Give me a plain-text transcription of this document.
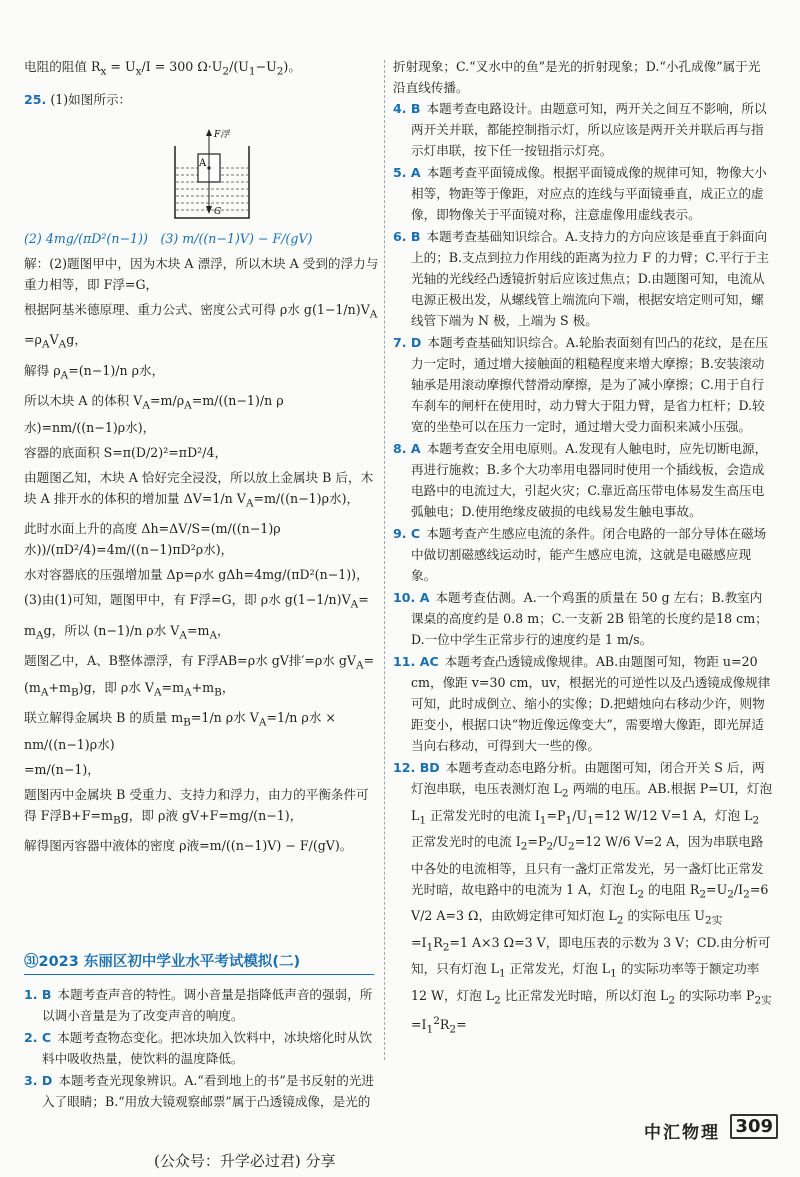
电阻的阻值 $R_x = U_x/I = 300$ $\Omega\cdot U_2/(U_1-U_2)$。

25. (1)如图所示：

(2) 4mg/(πD²(n−1))　(3) m/((n−1)V) − F/(gV)

解：(2)题图甲中，因为木块 A 漂浮，所以木块 A 受到的浮力与重力相等，即 F浮=G，

根据阿基米德原理、重力公式、密度公式可得 ρ水 $g(1-1/n)V_A$

$=\rho_AV_Ag$，

解得 $\rho_A=(n-1)/n$ ρ水，

所以木块 A 的体积 $V_A=m/\rho_A=m/((n-1)/n$ ρ水)=nm/((n−1)ρ水)，

容器的底面积 S=π(D/2)²=πD²/4，

由题图乙知，木块 A 恰好完全浸没，所以放上金属块 B 后，木块 A 排开水的体积的增加量 ΔV=1/n $V_A=m/((n-1)\rho$水)，

此时水面上升的高度 Δh=ΔV/S=(m/((n−1)ρ水))/(πD²/4)=4m/((n−1)πD²ρ水)，

水对容器底的压强增加量 Δp=ρ水 gΔh=4mg/(πD²(n−1))，

(3)由(1)可知，题图甲中，有 F浮=G，即 ρ水 $g(1-1/n)V_A=$

$m_Ag$，所以 (n−1)/n ρ水 $V_A=m_A$，

题图乙中，A、B整体漂浮，有 F浮AB=ρ水 gV排′=ρ水 $gV_A=(m_A+m_B)g$，即 ρ水 $V_A=m_A+m_B$，

联立解得金属块 B 的质量 $m_B=1/n$ ρ水 $V_A=1/n$ ρ水 × nm/((n−1)ρ水)

=m/(n−1)，

题图丙中金属块 B 受重力、支持力和浮力，由力的平衡条件可得 F浮$B+F=m_Bg$，即 ρ液 gV+F=mg/(n−1)，

解得图丙容器中液体的密度 ρ液=m/((n−1)V) − F/(gV)。

A
F浮
G
㉛2023 东丽区初中学业水平考试模拟(二)

1. B 本题考查声音的特性。调小音量是指降低声音的强弱，所以调小音量是为了改变声音的响度。

2. C 本题考查物态变化。把冰块加入饮料中，冰块熔化时从饮料中吸收热量，使饮料的温度降低。

3. D 本题考查光现象辨识。A.“看到地上的书”是书反射的光进入了眼睛；B.“用放大镜观察邮票”属于凸透镜成像，是光的

折射现象；C.“叉水中的鱼”是光的折射现象；D.“小孔成像”属于光沿直线传播。

4. B 本题考查电路设计。由题意可知，两开关之间互不影响，所以两开关并联，都能控制指示灯，所以应该是两开关并联后再与指示灯串联，按下任一按钮指示灯亮。

5. A 本题考查平面镜成像。根据平面镜成像的规律可知，物像大小相等，物距等于像距，对应点的连线与平面镜垂直，成正立的虚像，即物像关于平面镜对称，注意虚像用虚线表示。

6. B 本题考查基础知识综合。A.支持力的方向应该是垂直于斜面向上的；B.支点到拉力作用线的距离为拉力 F 的力臂；C.平行于主光轴的光线经凸透镜折射后应该过焦点；D.由题图可知，电流从电源正极出发，从螺线管上端流向下端，根据安培定则可知，螺线管下端为 N 极，上端为 S 极。

7. D 本题考查基础知识综合。A.轮胎表面刻有凹凸的花纹，是在压力一定时，通过增大接触面的粗糙程度来增大摩擦；B.安装滚动轴承是用滚动摩擦代替滑动摩擦，是为了减小摩擦；C.用于自行车刹车的闸杆在使用时，动力臂大于阻力臂，是省力杠杆；D.较宽的坐垫可以在压力一定时，通过增大受力面积来减小压强。

8. A 本题考查安全用电原则。A.发现有人触电时，应先切断电源，再进行施救；B.多个大功率用电器同时使用一个插线板，会造成电路中的电流过大，引起火灾；C.靠近高压带电体易发生高压电弧触电；D.使用绝缘皮破损的电线易发生触电事故。

9. C 本题考查产生感应电流的条件。闭合电路的一部分导体在磁场中做切割磁感线运动时，能产生感应电流，这就是电磁感应现象。

10. A 本题考查估测。A.一个鸡蛋的质量在 50 g 左右；B.教室内课桌的高度约是 0.8 m；C.一支新 2B 铅笔的长度约是18 cm；D.一位中学生正常步行的速度约是 1 m/s。

11. AC 本题考查凸透镜成像规律。AB.由题图可知，物距 u=20 cm，像距 v=30 cm，uv，根据光的可逆性以及凸透镜成像规律可知，此时成倒立、缩小的实像；D.把蜡烛向右移动少许，则物距变小，根据口诀“物近像远像变大”，需要增大像距，即光屏适当向右移动，可得到大一些的像。

12. BD 本题考查动态电路分析。由题图可知，闭合开关 S 后，两灯泡串联，电压表测灯泡 $L_2$ 两端的电压。AB.根据 P=UI，灯泡 $L_1$ 正常发光时的电流 $I_1=P_1/U_1=12$ W/12 V=1 A，灯泡 $L_2$ 正常发光时的电流 $I_2=P_2/U_2=12$ W/6 V=2 A，因为串联电路中各处的电流相等，且只有一盏灯正常发光，另一盏灯比正常发光时暗，故电路中的电流为 1 A，灯泡 $L_2$ 的电阻 $R_2=U_2/I_2=6$ V/2 A=3 Ω，由欧姆定律可知灯泡 $L_2$ 的实际电压 $U_{2实}=I_1R_2=1$ A×3 Ω=3 V，即电压表的示数为 3 V；CD.由分析可知，只有灯泡 $L_1$ 正常发光，灯泡 $L_1$ 的实际功率等于额定功率 12 W，灯泡 $L_2$ 比正常发光时暗，所以灯泡 $L_2$ 的实际功率 $P_{2实}=I_1^2R_2=$

中汇物理 309
(公众号：升学必过君) 分享
